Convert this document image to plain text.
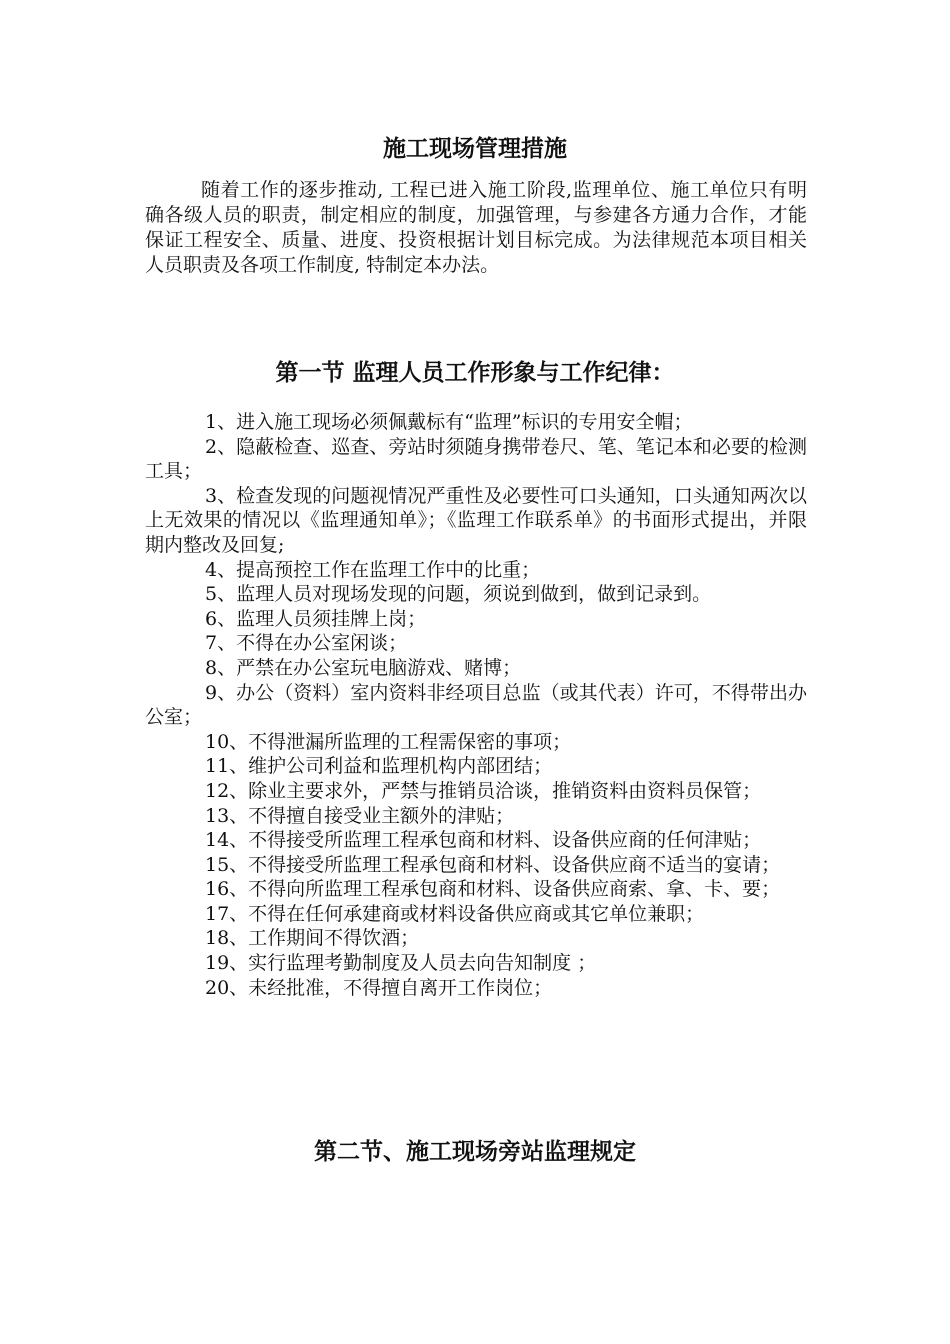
施工现场管理措施

随着工作的逐步推动, 工程已进入施工阶段,监理单位、施工单位只有明确各级人员的职责，制定相应的制度，加强管理，与参建各方通力合作，才能保证工程安全、质量、进度、投资根据计划目标完成。为法律规范本项目相关人员职责及各项工作制度, 特制定本办法。

第一节 监理人员工作形象与工作纪律：
1、进入施工现场必须佩戴标有“监理”标识的专用安全帽；
2、隐蔽检查、巡查、旁站时须随身携带卷尺、笔、笔记本和必要的检测工具；
3、检查发现的问题视情况严重性及必要性可口头通知，口头通知两次以上无效果的情况以《监理通知单》；《监理工作联系单》的书面形式提出，并限期内整改及回复;
4、提高预控工作在监理工作中的比重；
5、监理人员对现场发现的问题，须说到做到，做到记录到。
6、监理人员须挂牌上岗；
7、不得在办公室闲谈；
8、严禁在办公室玩电脑游戏、赌博；
9、办公（资料）室内资料非经项目总监（或其代表）许可，不得带出办公室；
10、不得泄漏所监理的工程需保密的事项；
11、维护公司利益和监理机构内部团结；
12、除业主要求外，严禁与推销员洽谈，推销资料由资料员保管；
13、不得擅自接受业主额外的津贴；
14、不得接受所监理工程承包商和材料、设备供应商的任何津贴；
15、不得接受所监理工程承包商和材料、设备供应商不适当的宴请；
16、不得向所监理工程承包商和材料、设备供应商索、拿、卡、要；
17、不得在任何承建商或材料设备供应商或其它单位兼职；
18、工作期间不得饮酒；
19、实行监理考勤制度及人员去向告知制度 ；
20、未经批准，不得擅自离开工作岗位；
第二节、施工现场旁站监理规定
